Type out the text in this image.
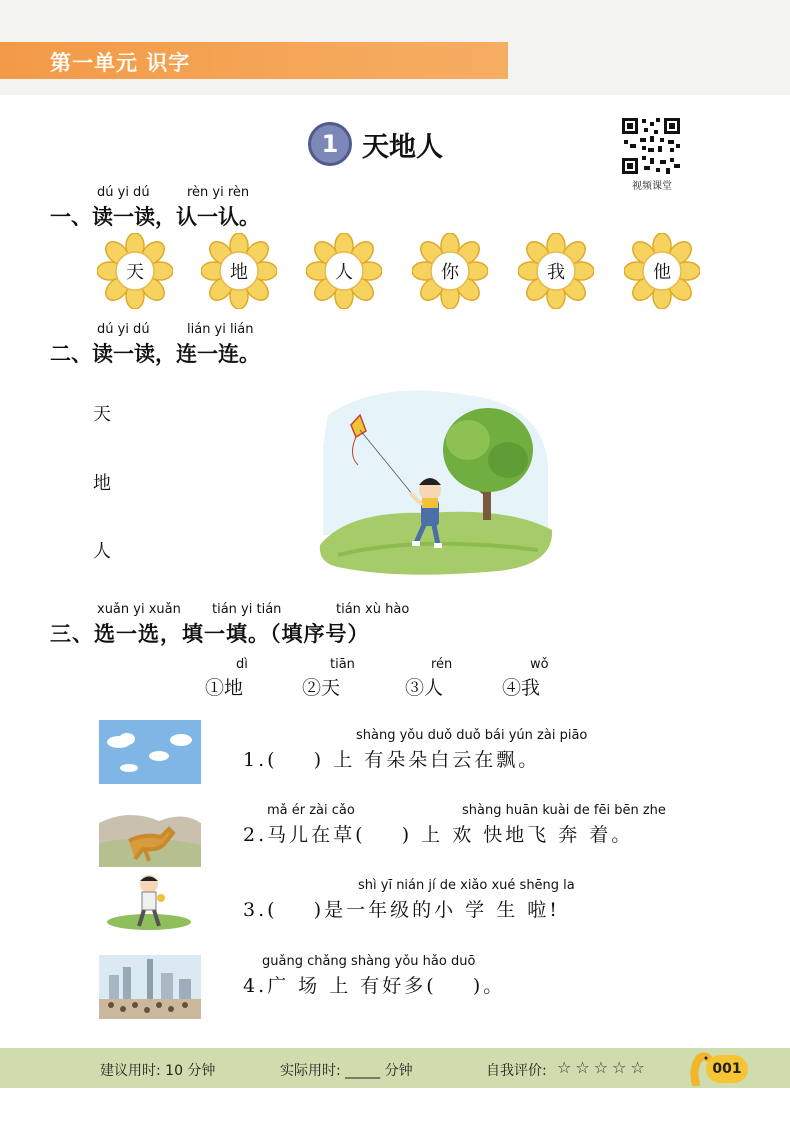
第一单元 识字
1 天地人
视频课堂
dú yi dú	rèn yi rèn
一、读一读，认一认。
天	地	人	你	我	他
dú yi dú	lián yi lián
二、读一读，连一连。
天
地
人
xuǎn yi xuǎn tián yi tián	tián xù hào
三、选一选，填一填。（填序号）
dì
①地
tiān
②天
rén
③人
wǒ
④我
shàng yǒu duǒ duǒ bái yún zài piāo
1.(    ) 上 有朵朵白云在飘。
mǎ ér zài cǎo	shàng huān kuài de fēi bēn zhe
2.马儿在草(    ) 上 欢 快地飞 奔 着。
shì yī nián jí de xiǎo xué shēng la
3.(    )是一年级的小 学 生 啦!
guǎng chǎng shàng yǒu hǎo duō
4.广 场 上 有好多(    )。
建议用时: 10 分钟	实际用时: _____ 分钟	自我评价: ☆☆☆☆☆	001
